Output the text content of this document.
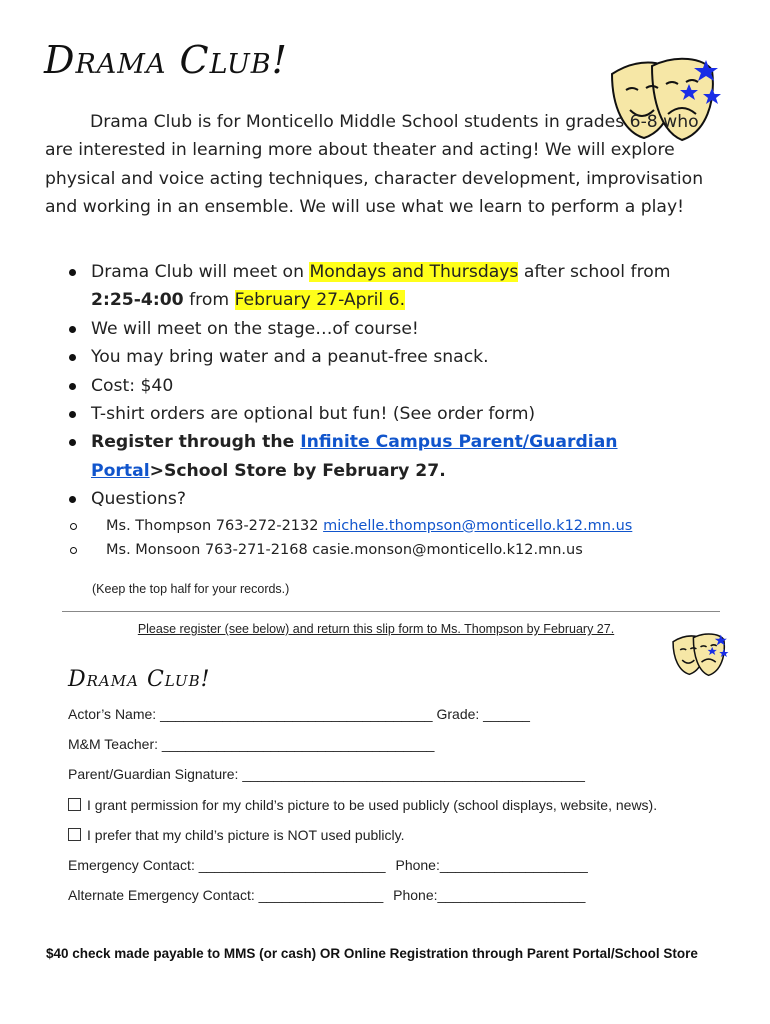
Drama Club!
Drama Club is for Monticello Middle School students in grades 6-8 who are interested in learning more about theater and acting! We will explore physical and voice acting techniques, character development, improvisation and working in an ensemble. We will use what we learn to perform a play!
Drama Club will meet on Mondays and Thursdays after school from 2:25-4:00 from February 27-April 6.
We will meet on the stage…of course!
You may bring water and a peanut-free snack.
Cost: $40
T-shirt orders are optional but fun! (See order form)
Register through the Infinite Campus Parent/Guardian Portal>School Store by February 27.
Questions?
Ms. Thompson 763-272-2132 michelle.thompson@monticello.k12.mn.us
Ms. Monsoon 763-271-2168 casie.monson@monticello.k12.mn.us
(Keep the top half for your records.)
Please register (see below) and return this slip form to Ms. Thompson by February 27.
Drama Club!
Actor’s Name: ___________________________________ Grade: ______
M&M Teacher: ___________________________________
Parent/Guardian Signature: ____________________________________________
I grant permission for my child’s picture to be used publicly (school displays, website, news).
I prefer that my child’s picture is NOT used publicly.
Emergency Contact: ________________________ Phone:___________________
Alternate Emergency Contact: ________________ Phone:___________________
$40 check made payable to MMS (or cash) OR Online Registration through Parent Portal/School Store
